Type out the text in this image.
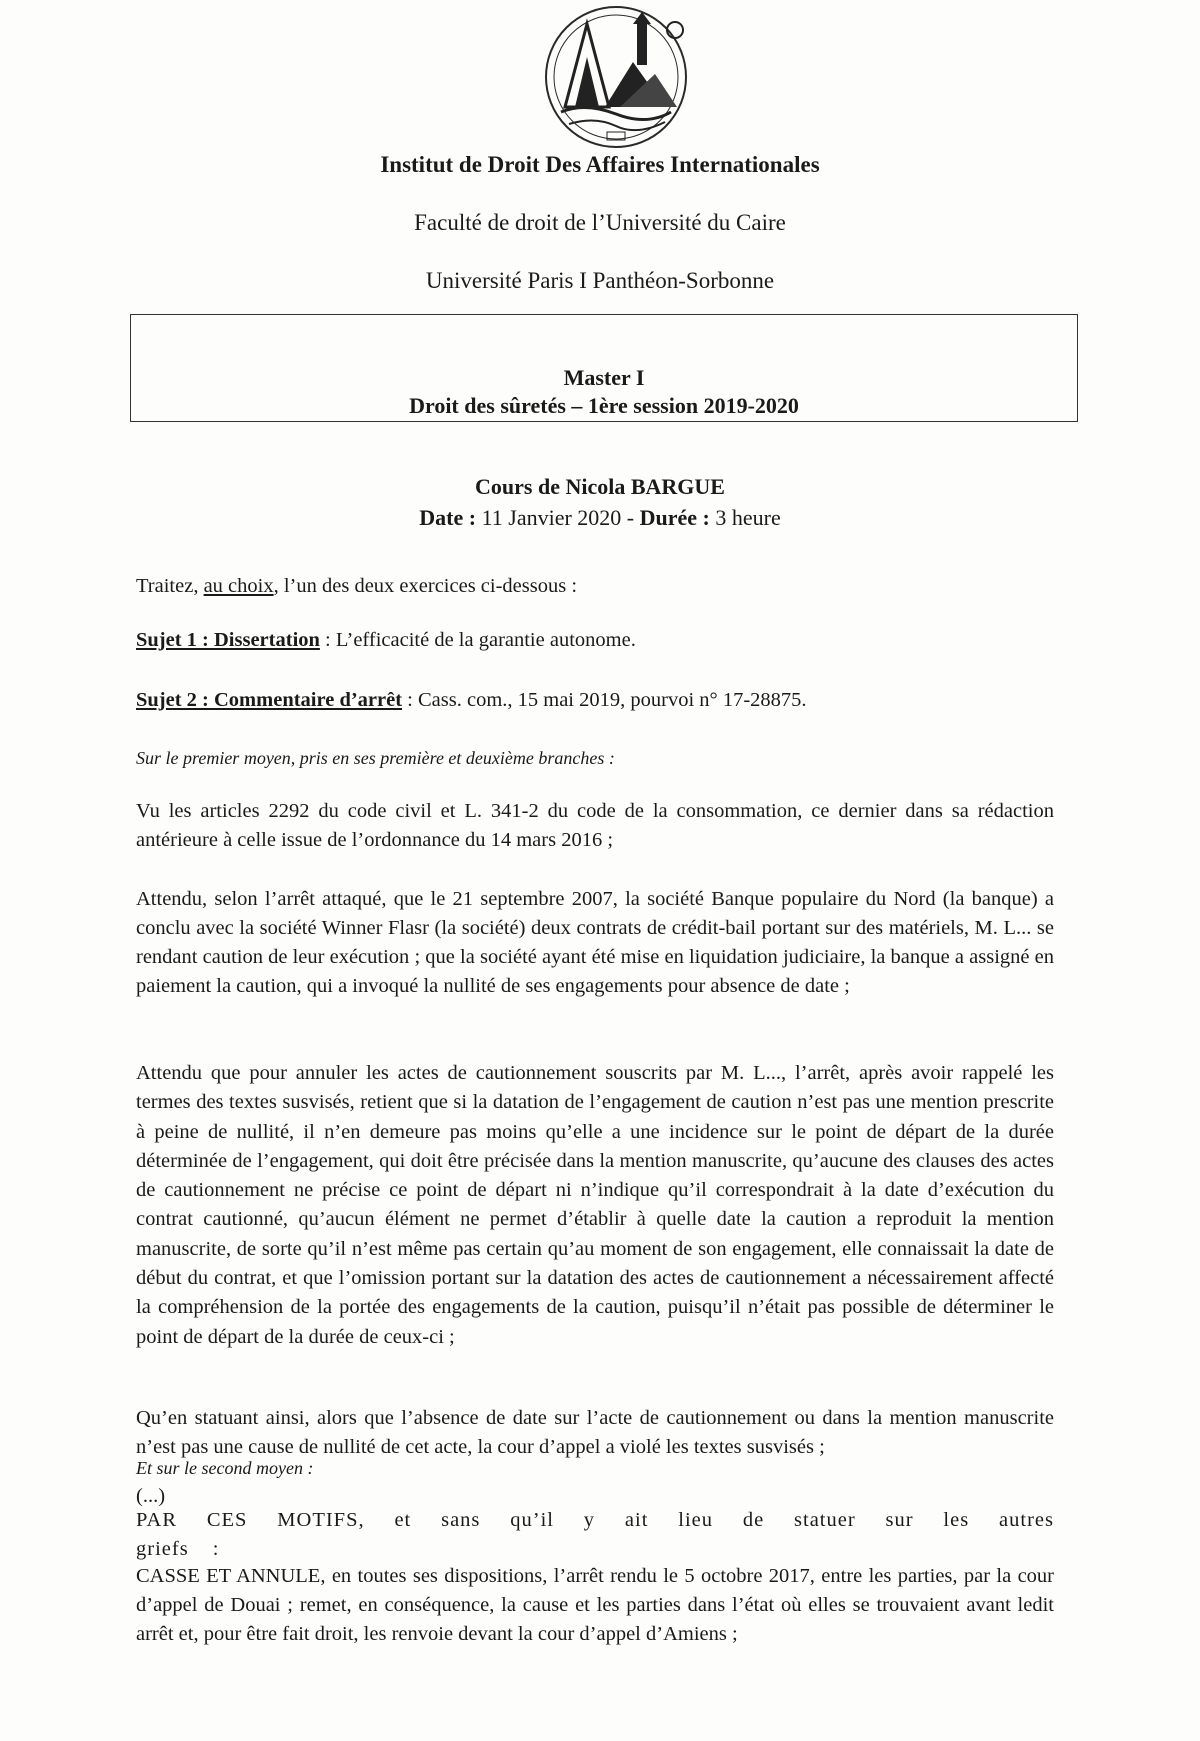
Institut de Droit Des Affaires Internationales
Faculté de droit de l’Université du Caire
Université Paris I Panthéon-Sorbonne
Master I
Droit des sûretés – 1ère session 2019-2020
Cours de Nicola BARGUE
Date : 11 Janvier 2020 - Durée : 3 heure
Traitez, au choix, l’un des deux exercices ci-dessous :
Sujet 1 : Dissertation : L’efficacité de la garantie autonome.
Sujet 2 : Commentaire d’arrêt : Cass. com., 15 mai 2019, pourvoi n° 17-28875.
Sur le premier moyen, pris en ses première et deuxième branches :
Vu les articles 2292 du code civil et L. 341-2 du code de la consommation, ce dernier dans sa rédaction antérieure à celle issue de l’ordonnance du 14 mars 2016 ;
Attendu, selon l’arrêt attaqué, que le 21 septembre 2007, la société Banque populaire du Nord (la banque) a conclu avec la société Winner Flasr (la société) deux contrats de crédit-bail portant sur des matériels, M. L... se rendant caution de leur exécution ; que la société ayant été mise en liquidation judiciaire, la banque a assigné en paiement la caution, qui a invoqué la nullité de ses engagements pour absence de date ;
Attendu que pour annuler les actes de cautionnement souscrits par M. L..., l’arrêt, après avoir rappelé les termes des textes susvisés, retient que si la datation de l’engagement de caution n’est pas une mention prescrite à peine de nullité, il n’en demeure pas moins qu’elle a une incidence sur le point de départ de la durée déterminée de l’engagement, qui doit être précisée dans la mention manuscrite, qu’aucune des clauses des actes de cautionnement ne précise ce point de départ ni n’indique qu’il correspondrait à la date d’exécution du contrat cautionné, qu’aucun élément ne permet d’établir à quelle date la caution a reproduit la mention manuscrite, de sorte qu’il n’est même pas certain qu’au moment de son engagement, elle connaissait la date de début du contrat, et que l’omission portant sur la datation des actes de cautionnement a nécessairement affecté la compréhension de la portée des engagements de la caution, puisqu’il n’était pas possible de déterminer le point de départ de la durée de ceux-ci ;
Qu’en statuant ainsi, alors que l’absence de date sur l’acte de cautionnement ou dans la mention manuscrite n’est pas une cause de nullité de cet acte, la cour d’appel a violé les textes susvisés ;
Et sur le second moyen :
(...)
PAR CES MOTIFS, et sans qu’il y ait lieu de statuer sur les autres griefs :
CASSE ET ANNULE, en toutes ses dispositions, l’arrêt rendu le 5 octobre 2017, entre les parties, par la cour d’appel de Douai ; remet, en conséquence, la cause et les parties dans l’état où elles se trouvaient avant ledit arrêt et, pour être fait droit, les renvoie devant la cour d’appel d’Amiens ;
